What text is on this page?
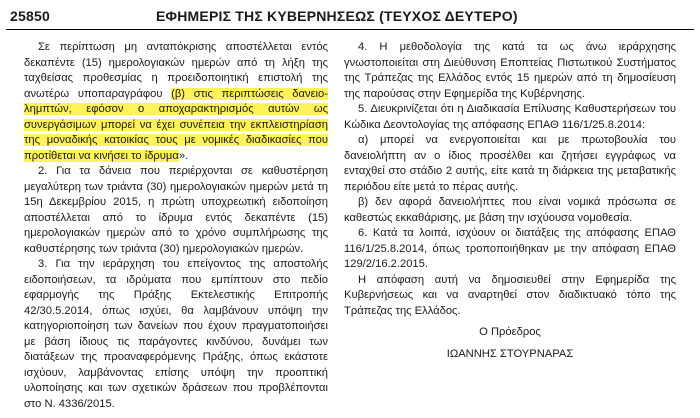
25850	ΕΦΗΜΕΡΙΣ ΤΗΣ ΚΥΒΕΡΝΗΣΕΩΣ (ΤΕΥΧΟΣ ΔΕΥΤΕΡΟ)

Σε περίπτωση μη ανταπόκρισης αποστέλλεται εντός δεκαπέντε (15) ημερολογιακών ημερών από τη λήξη της ταχθείσας προθεσμίας η προειδοποιητική επιστολή της ανωτέρω υποπαραγράφου (β) στις περιπτώσεις δανειο-λημπτών, εφόσον ο αποχαρακτηρισμός αυτών ως συνεργάσιμων μπορεί να έχει συνέπεια την εκπλειστηρίαση της μοναδικής κατοικίας τους με νομικές διαδικασίες που προτίθεται να κινήσει το ίδρυμα».

2. Για τα δάνεια που περιέρχονται σε καθυστέρηση μεγαλύτερη των τριάντα (30) ημερολογιακών ημερών μετά τη 15η Δεκεμβρίου 2015, η πρώτη υποχρεωτική ειδοποίηση αποστέλλεται από το ίδρυμα εντός δεκαπέντε (15) ημερολογιακών ημερών από το χρόνο συμπλήρωσης της καθυστέρησης των τριάντα (30) ημερολογιακών ημερών.

3. Για την ιεράρχηση του επείγοντος της αποστολής ειδοποιήσεων, τα ιδρύματα που εμπίπτουν στο πεδίο εφαρμογής της Πράξης Εκτελεστικής Επιτροπής 42/30.5.2014, όπως ισχύει, θα λαμβάνουν υπόψη την κατηγοριοποίηση των δανείων που έχουν πραγματοποιήσει με βάση ίδιους τις παράγοντες κινδύνου, δυνάμει των διατάξεων της προαναφερόμενης Πράξης, όπως εκάστοτε ισχύουν, λαμβάνοντας επίσης υπόψη την προοπτική υλοποίησης και των σχετικών δράσεων που προβλέπονται στο Ν. 4336/2015.

4. Η μεθοδολογία της κατά τα ως άνω ιεράρχησης γνωστοποιείται στη Διεύθυνση Εποπτείας Πιστωτικού Συστήματος της Τράπεζας της Ελλάδος εντός 15 ημερών από τη δημοσίευση της παρούσας στην Εφημερίδα της Κυβέρνησης.

5. Διευκρινίζεται ότι η Διαδικασία Επίλυσης Καθυστερήσεων του Κώδικα Δεοντολογίας της απόφασης ΕΠΑΘ 116/1/25.8.2014:

α) μπορεί να ενεργοποιείται και με πρωτοβουλία του δανειολήπτη αν ο ίδιος προσέλθει και ζητήσει εγγράφως να ενταχθεί στο στάδιο 2 αυτής, είτε κατά τη διάρκεια της μεταβατικής περιόδου είτε μετά το πέρας αυτής.

β) δεν αφορά δανειολήπτες που είναι νομικά πρόσωπα σε καθεστώς εκκαθάρισης, με βάση την ισχύουσα νομοθεσία.

6. Κατά τα λοιπά, ισχύουν οι διατάξεις της απόφασης ΕΠΑΘ 116/1/25.8.2014, όπως τροποποιήθηκαν με την απόφαση ΕΠΑΘ 129/2/16.2.2015.

Η απόφαση αυτή να δημοσιευθεί στην Εφημερίδα της Κυβερνήσεως και να αναρτηθεί στον διαδικτυακό τόπο της Τράπεζας της Ελλάδος.

Ο Πρόεδρος

ΙΩΑΝΝΗΣ ΣΤΟΥΡΝΑΡΑΣ
